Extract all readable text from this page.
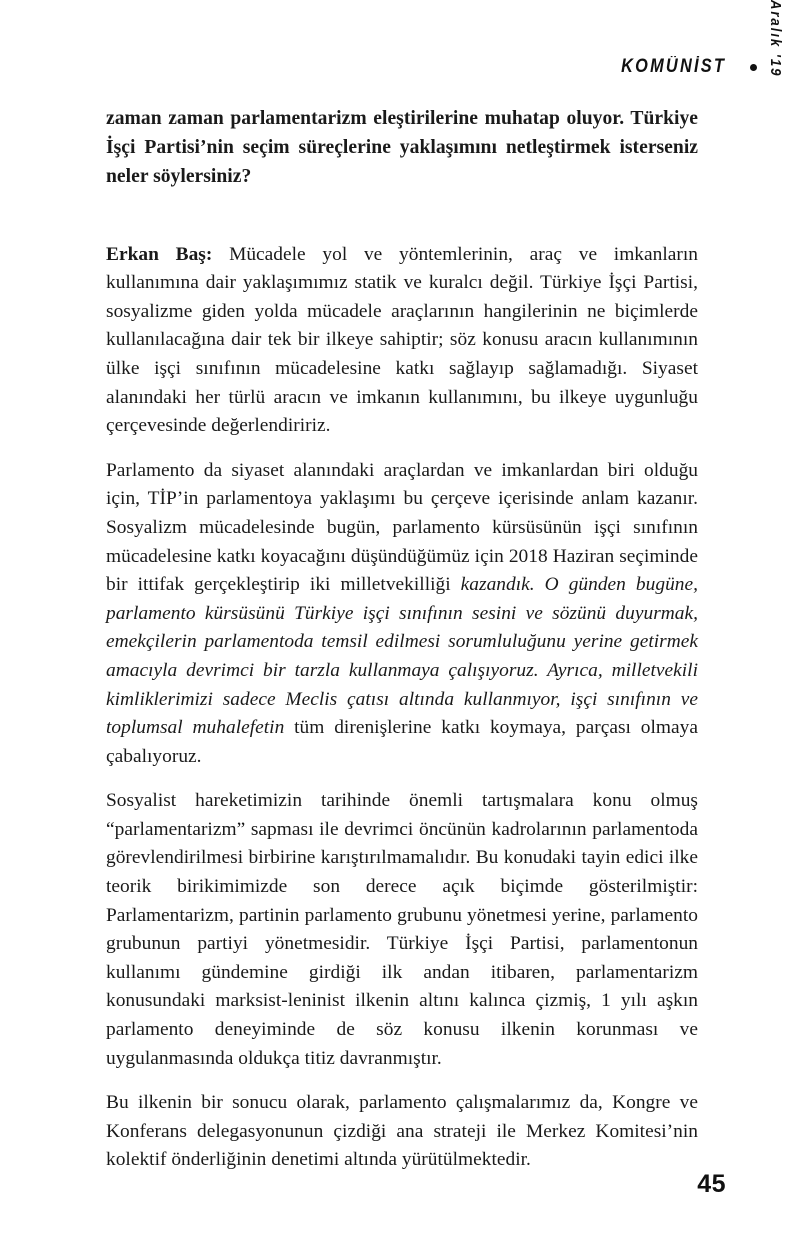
KOMÜNİST	Aralık '19

zaman zaman parlamentarizm eleştirilerine muhatap oluyor. Türkiye İşçi Partisi’nin seçim süreçlerine yaklaşımını netleştirmek isterseniz neler söylersiniz?

Erkan Baş: Mücadele yol ve yöntemlerinin, araç ve imkanların kullanımına dair yaklaşımımız statik ve kuralcı değil. Türkiye İşçi Partisi, sosyalizme giden yolda mücadele araçlarının hangilerinin ne biçimlerde kullanılacağına dair tek bir ilkeye sahiptir; söz konusu aracın kullanımının ülke işçi sınıfının mücadelesine katkı sağlayıp sağlamadığı. Siyaset alanındaki her türlü aracın ve imkanın kullanımını, bu ilkeye uygunluğu çerçevesinde değerlendiririz.

Parlamento da siyaset alanındaki araçlardan ve imkanlardan biri olduğu için, TİP’in parlamentoya yaklaşımı bu çerçeve içerisinde anlam kazanır. Sosyalizm mücadelesinde bugün, parlamento kürsüsünün işçi sınıfının mücadelesine katkı koyacağını düşündüğümüz için 2018 Haziran seçiminde bir ittifak gerçekleştirip iki milletvekilliği kazandık. O günden bugüne, parlamento kürsüsünü Türkiye işçi sınıfının sesini ve sözünü duyurmak, emekçilerin parlamentoda temsil edilmesi sorumluluğunu yerine getirmek amacıyla devrimci bir tarzla kullanmaya çalışıyoruz. Ayrıca, milletvekili kimliklerimizi sadece Meclis çatısı altında kullanmıyor, işçi sınıfının ve toplumsal muhalefetin tüm direnişlerine katkı koymaya, parçası olmaya çabalıyoruz.

Sosyalist hareketimizin tarihinde önemli tartışmalara konu olmuş “parlamentarizm” sapması ile devrimci öncünün kadrolarının parlamentoda görevlendirilmesi birbirine karıştırılmamalıdır. Bu konudaki tayin edici ilke teorik birikimimizde son derece açık biçimde gösterilmiştir: Parlamentarizm, partinin parlamento grubunu yönetmesi yerine, parlamento grubunun partiyi yönetmesidir. Türkiye İşçi Partisi, parlamentonun kullanımı gündemine girdiği ilk andan itibaren, parlamentarizm konusundaki marksist-leninist ilkenin altını kalınca çizmiş, 1 yılı aşkın parlamento deneyiminde de söz konusu ilkenin korunması ve uygulanmasında oldukça titiz davranmıştır.

Bu ilkenin bir sonucu olarak, parlamento çalışmalarımız da, Kongre ve Konferans delegasyonunun çizdiği ana strateji ile Merkez Komitesi’nin kolektif önderliğinin denetimi altında yürütülmektedir.

45
